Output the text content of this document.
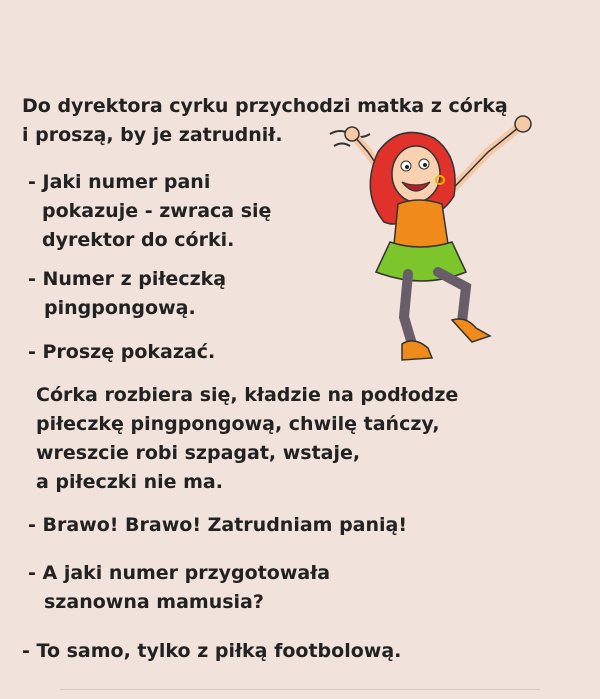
Do dyrektora cyrku przychodzi matka z córką

i proszą, by je zatrudnił.

- Jaki numer pani

pokazuje - zwraca się

dyrektor do córki.

- Numer z piłeczką

pingpongową.

- Proszę pokazać.

Córka rozbiera się, kładzie na podłodze

piłeczkę pingpongową, chwilę tańczy,

wreszcie robi szpagat, wstaje,

a piłeczki nie ma.

- Brawo! Brawo! Zatrudniam panią!

- A jaki numer przygotowała

szanowna mamusia?

- To samo, tylko z piłką footbolową.
